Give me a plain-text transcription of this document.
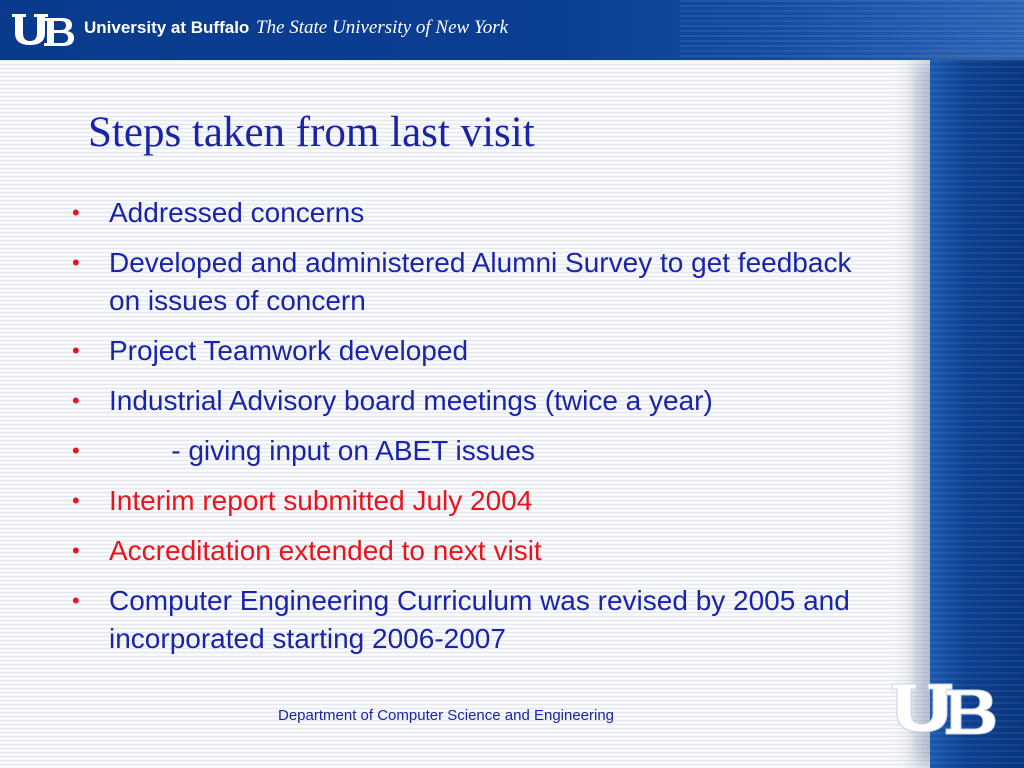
University at Buffalo The State University of New York
Steps taken from last visit
•	Addressed concerns
•	Developed and administered Alumni Survey to get feedback on issues of concern
•	Project Teamwork developed
•	Industrial Advisory board meetings (twice a year)
•	- giving input on ABET issues
•	Interim report submitted July 2004
•	Accreditation extended to next visit
•	Computer Engineering Curriculum was revised by 2005 and incorporated starting 2006-2007
Department of Computer Science and Engineering
